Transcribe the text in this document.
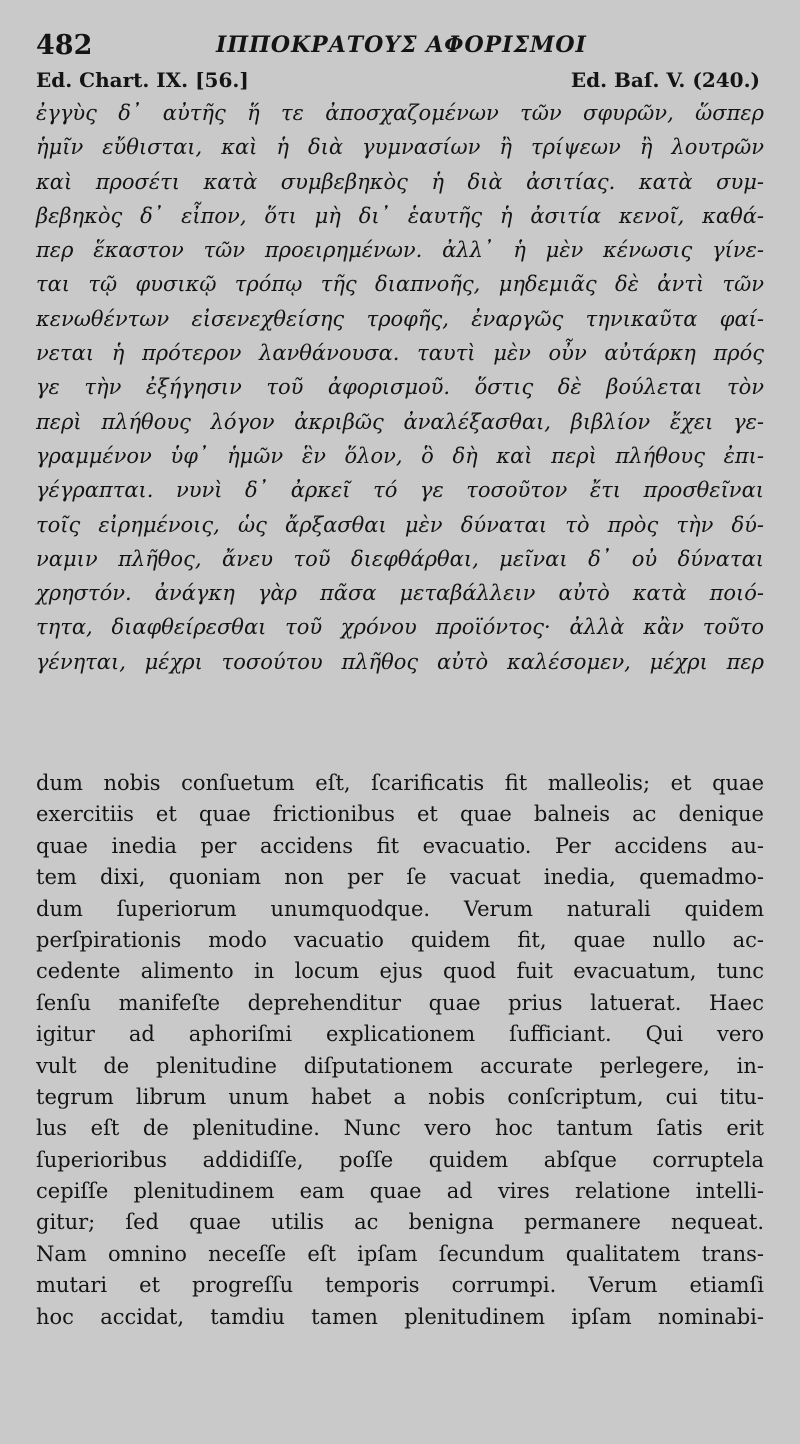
482	ΙΠΠΟΚΡΑΤΟΥΣ ΑΦΟΡΙΣΜΟΙ
Ed. Chart. IX. [56.]	Ed. Baſ. V. (240.)
ἐγγὺς δ᾽ αὐτῆς ἥ τε ἀποσχαζομένων τῶν σφυρῶν, ὥσπερ
ἡμῖν εὔθισται, καὶ ἡ διὰ γυμνασίων ἢ τρίψεων ἢ λουτρῶν
καὶ προσέτι κατὰ συμβεβηκὸς ἡ διὰ ἀσιτίας. κατὰ συμ-
βεβηκὸς δ᾽ εἶπον, ὅτι μὴ δι᾽ ἑαυτῆς ἡ ἀσιτία κενοῖ, καθά-
περ ἕκαστον τῶν προειρημένων. ἀλλ᾽ ἡ μὲν κένωσις γίνε-
ται τῷ φυσικῷ τρόπῳ τῆς διαπνοῆς, μηδεμιᾶς δὲ ἀντὶ τῶν
κενωθέντων εἰσενεχθείσης τροφῆς, ἐναργῶς τηνικαῦτα φαί-
νεται ἡ πρότερον λανθάνουσα. ταυτὶ μὲν οὖν αὐτάρκη πρός
γε τὴν ἐξήγησιν τοῦ ἀφορισμοῦ. ὅστις δὲ βούλεται τὸν
περὶ πλήθους λόγον ἀκριβῶς ἀναλέξασθαι, βιβλίον ἔχει γε-
γραμμένον ὑφ᾽ ἡμῶν ἓν ὅλον, ὃ δὴ καὶ περὶ πλήθους ἐπι-
γέγραπται. νυνὶ δ᾽ ἀρκεῖ τό γε τοσοῦτον ἔτι προσθεῖναι
τοῖς εἰρημένοις, ὡς ἄρξασθαι μὲν δύναται τὸ πρὸς τὴν δύ-
ναμιν πλῆθος, ἄνευ τοῦ διεφθάρθαι, μεῖναι δ᾽ οὐ δύναται
χρηστόν. ἀνάγκη γὰρ πᾶσα μεταβάλλειν αὐτὸ κατὰ ποιό-
τητα, διαφθείρεσθαι τοῦ χρόνου προϊόντος· ἀλλὰ κἂν τοῦτο
γένηται, μέχρι τοσούτου πλῆθος αὐτὸ καλέσομεν, μέχρι περ
dum nobis conſuetum eſt, ſcarificatis fit malleolis; et quae
exercitiis et quae frictionibus et quae balneis ac denique
quae inedia per accidens fit evacuatio. Per accidens au-
tem dixi, quoniam non per ſe vacuat inedia, quemadmo-
dum ſuperiorum unumquodque. Verum naturali quidem
perſpirationis modo vacuatio quidem fit, quae nullo ac-
cedente alimento in locum ejus quod fuit evacuatum, tunc
ſenſu manifeſte deprehenditur quae prius latuerat. Haec
igitur ad aphoriſmi explicationem ſufficiant. Qui vero
vult de plenitudine diſputationem accurate perlegere, in-
tegrum librum unum habet a nobis conſcriptum, cui titu-
lus eſt de plenitudine. Nunc vero hoc tantum ſatis erit
ſuperioribus addidiſſe, poſſe quidem abſque corruptela
cepiſſe plenitudinem eam quae ad vires relatione intelli-
gitur; ſed quae utilis ac benigna permanere nequeat.
Nam omnino neceſſe eſt ipſam ſecundum qualitatem trans-
mutari et progreſſu temporis corrumpi. Verum etiamſi
hoc accidat, tamdiu tamen plenitudinem ipſam nominabi-
